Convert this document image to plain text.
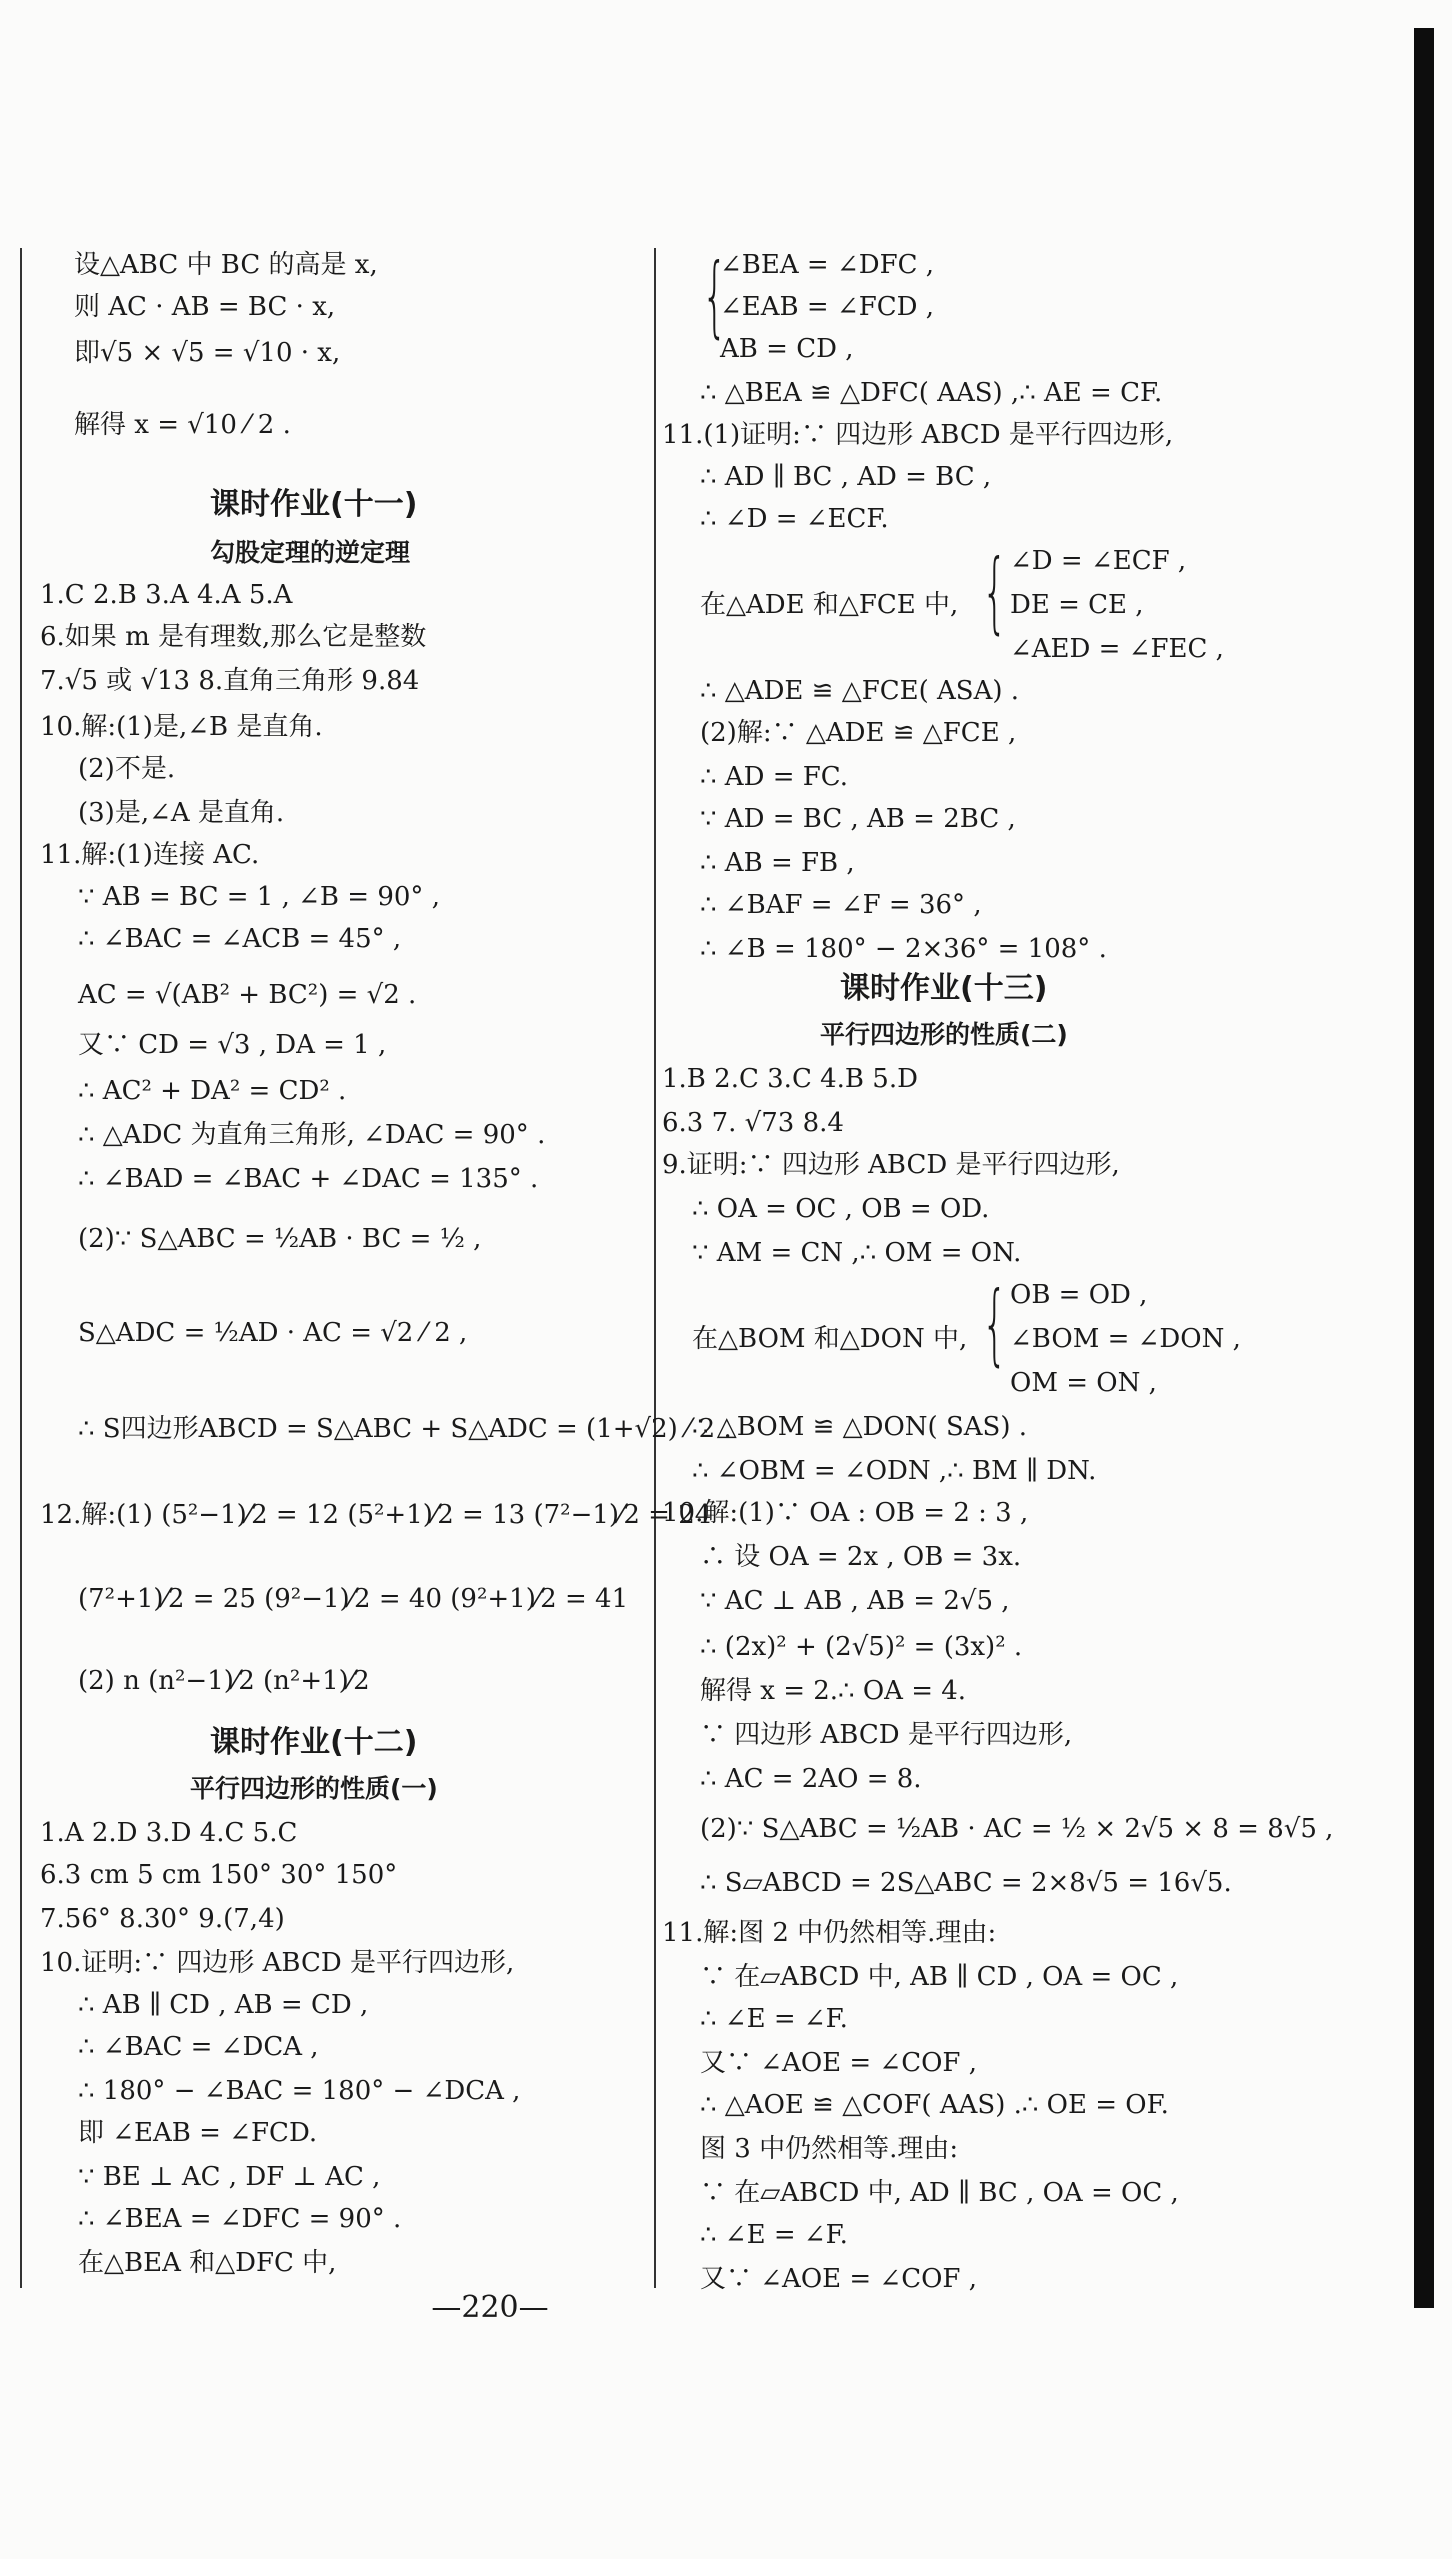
—220—
{
{
{
设△ABC 中 BC 的高是 x,
则 AC · AB = BC · x,
即√5 × √5 = √10 · x,
解得 x = √10 ⁄ 2 .
课时作业(十一)
勾股定理的逆定理
1.C 2.B 3.A 4.A 5.A
6.如果 m 是有理数,那么它是整数
7.√5 或 √13 8.直角三角形 9.84
10.解:(1)是,∠B 是直角.
(2)不是.
(3)是,∠A 是直角.
11.解:(1)连接 AC.
∵ AB = BC = 1 , ∠B = 90° ,
∴ ∠BAC = ∠ACB = 45° ,
AC = √(AB² + BC²) = √2 .
又∵ CD = √3 , DA = 1 ,
∴ AC² + DA² = CD² .
∴ △ADC 为直角三角形, ∠DAC = 90° .
∴ ∠BAD = ∠BAC + ∠DAC = 135° .
(2)∵ S△ABC = ½AB · BC = ½ ,
S△ADC = ½AD · AC = √2 ⁄ 2 ,
∴ S四边形ABCD = S△ABC + S△ADC = (1+√2) ⁄ 2 .
12.解:(1) (5²−1)⁄2 = 12 (5²+1)⁄2 = 13 (7²−1)⁄2 = 24
(7²+1)⁄2 = 25 (9²−1)⁄2 = 40 (9²+1)⁄2 = 41
(2) n (n²−1)⁄2 (n²+1)⁄2
课时作业(十二)
平行四边形的性质(一)
1.A 2.D 3.D 4.C 5.C
6.3 cm 5 cm 150° 30° 150°
7.56° 8.30° 9.(7,4)
10.证明:∵ 四边形 ABCD 是平行四边形,
∴ AB ∥ CD , AB = CD ,
∴ ∠BAC = ∠DCA ,
∴ 180° − ∠BAC = 180° − ∠DCA ,
即 ∠EAB = ∠FCD.
∵ BE ⊥ AC , DF ⊥ AC ,
∴ ∠BEA = ∠DFC = 90° .
在△BEA 和△DFC 中,
∠BEA = ∠DFC ,
∠EAB = ∠FCD ,
AB = CD ,
∴ △BEA ≌ △DFC( AAS) ,∴ AE = CF.
11.(1)证明:∵ 四边形 ABCD 是平行四边形,
∴ AD ∥ BC , AD = BC ,
∴ ∠D = ∠ECF.
∠D = ∠ECF ,
在△ADE 和△FCE 中, DE = CE ,
∠AED = ∠FEC ,
∴ △ADE ≌ △FCE( ASA) .
(2)解:∵ △ADE ≌ △FCE ,
∴ AD = FC.
∵ AD = BC , AB = 2BC ,
∴ AB = FB ,
∴ ∠BAF = ∠F = 36° ,
∴ ∠B = 180° − 2×36° = 108° .
课时作业(十三)
平行四边形的性质(二)
1.B 2.C 3.C 4.B 5.D
6.3 7. √73 8.4
9.证明:∵ 四边形 ABCD 是平行四边形,
∴ OA = OC , OB = OD.
∵ AM = CN ,∴ OM = ON.
OB = OD ,
在△BOM 和△DON 中, ∠BOM = ∠DON ,
OM = ON ,
∴ △BOM ≌ △DON( SAS) .
∴ ∠OBM = ∠ODN ,∴ BM ∥ DN.
10.解:(1)∵ OA : OB = 2 : 3 ,
∴ 设 OA = 2x , OB = 3x.
∵ AC ⊥ AB , AB = 2√5 ,
∴ (2x)² + (2√5)² = (3x)² .
解得 x = 2.∴ OA = 4.
∵ 四边形 ABCD 是平行四边形,
∴ AC = 2AO = 8.
(2)∵ S△ABC = ½AB · AC = ½ × 2√5 × 8 = 8√5 ,
∴ S▱ABCD = 2S△ABC = 2×8√5 = 16√5.
11.解:图 2 中仍然相等.理由:
∵ 在▱ABCD 中, AB ∥ CD , OA = OC ,
∴ ∠E = ∠F.
又∵ ∠AOE = ∠COF ,
∴ △AOE ≌ △COF( AAS) .∴ OE = OF.
图 3 中仍然相等.理由:
∵ 在▱ABCD 中, AD ∥ BC , OA = OC ,
∴ ∠E = ∠F.
又∵ ∠AOE = ∠COF ,
